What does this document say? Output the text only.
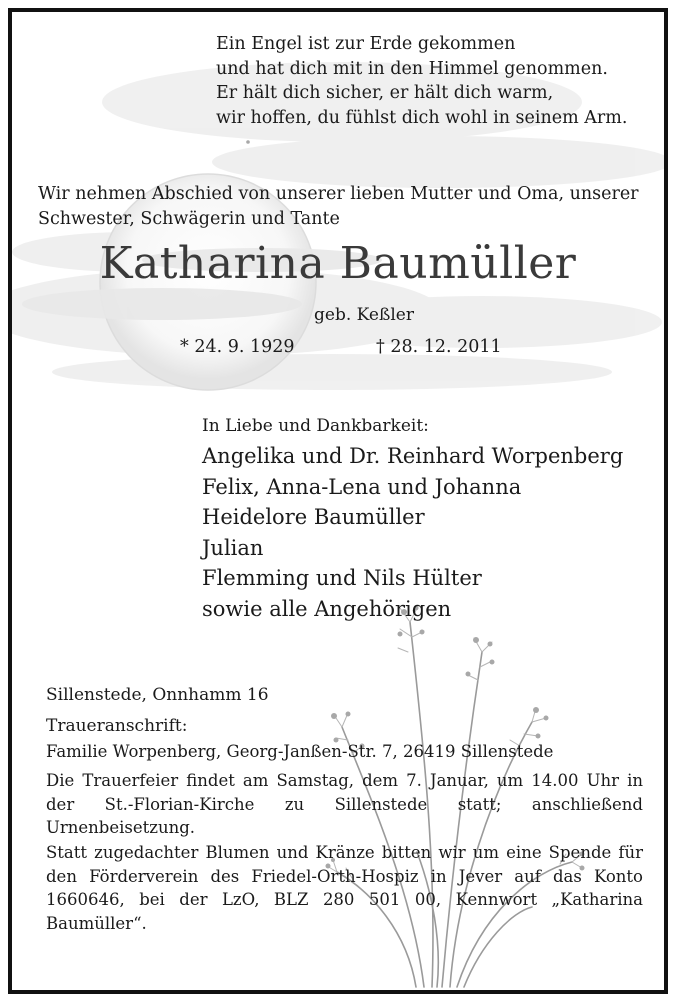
Ein Engel ist zur Erde gekommen
und hat dich mit in den Himmel genommen.
Er hält dich sicher, er hält dich warm,
wir hoffen, du fühlst dich wohl in seinem Arm.
Wir nehmen Abschied von unserer lieben Mutter und Oma, unserer
Schwester, Schwägerin und Tante
Katharina Baumüller
geb. Keßler
* 24. 9. 1929	† 28. 12. 2011
In Liebe und Dankbarkeit:
Angelika und Dr. Reinhard Worpenberg
Felix, Anna-Lena und Johanna
Heidelore Baumüller
Julian
Flemming und Nils Hülter
sowie alle Angehörigen
Sillenstede, Onnhamm 16
Traueranschrift:
Familie Worpenberg, Georg-Janßen-Str. 7, 26419 Sillenstede
Die Trauerfeier findet am Samstag, dem 7. Januar, um 14.00 Uhr in der St.-Florian-Kirche zu Sillenstede statt; anschließend Urnenbeisetzung.
Statt zugedachter Blumen und Kränze bitten wir um eine Spende für den Förderverein des Friedel-Orth-Hospiz in Jever auf das Konto 1660646, bei der LzO, BLZ 280 501 00, Kennwort „Katharina Baumüller“.
